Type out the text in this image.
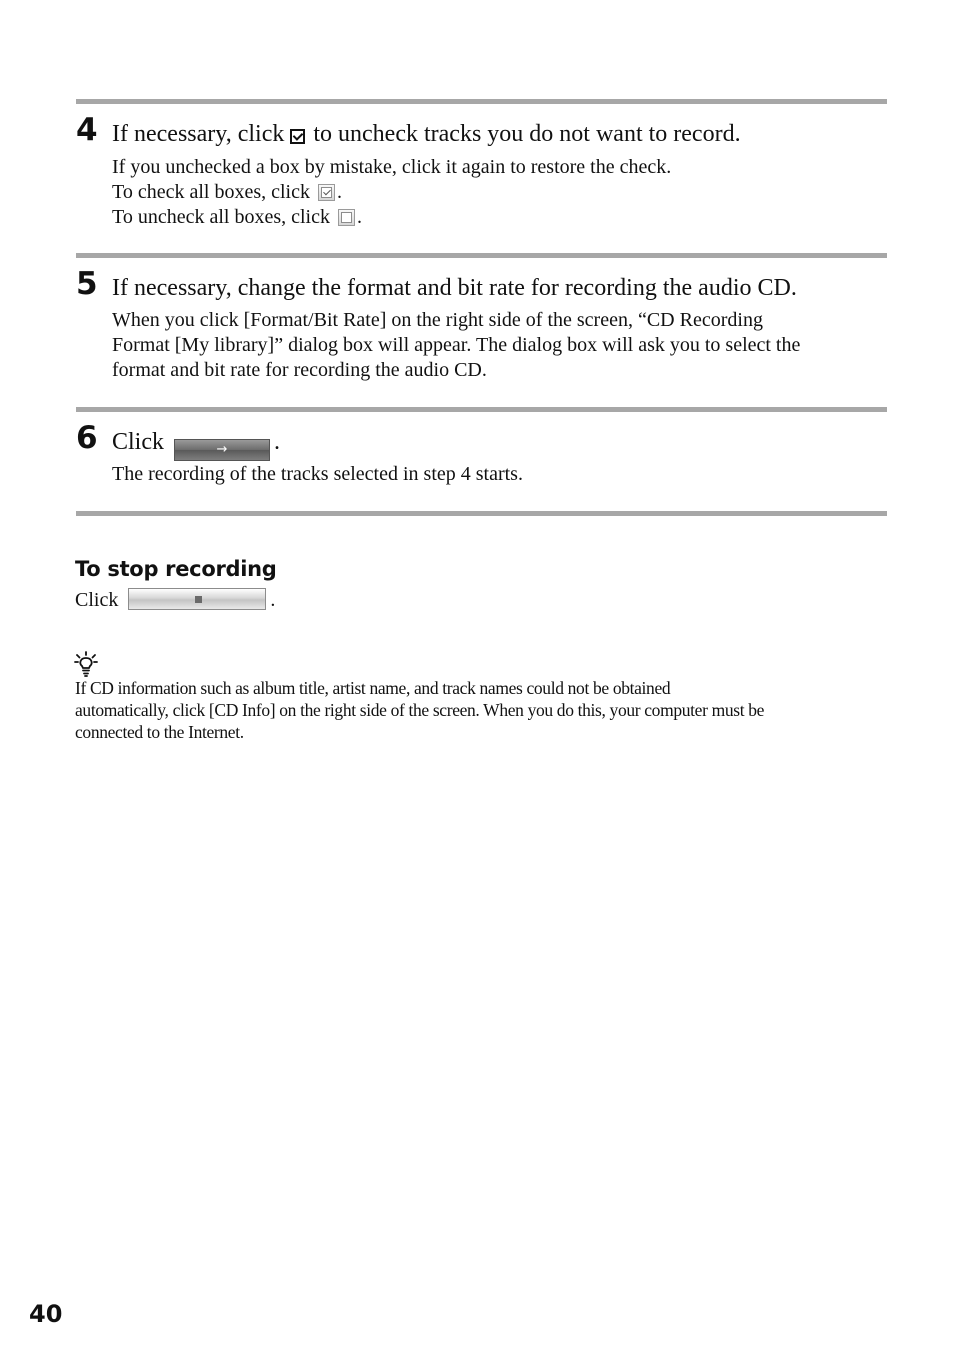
4 If necessary, click to uncheck tracks you do not want to record.
If you unchecked a box by mistake, click it again to restore the check.
To check all boxes, click .
To uncheck all boxes, click .
5 If necessary, change the format and bit rate for recording the audio CD.
When you click [Format/Bit Rate] on the right side of the screen, “CD Recording
Format [My library]” dialog box will appear. The dialog box will ask you to select the
format and bit rate for recording the audio CD.
6 Click	→ .
The recording of the tracks selected in step 4 starts.
To stop recording
Click	.
If CD information such as album title, artist name, and track names could not be obtained
automatically, click [CD Info] on the right side of the screen. When you do this, your computer must be
connected to the Internet.
40
